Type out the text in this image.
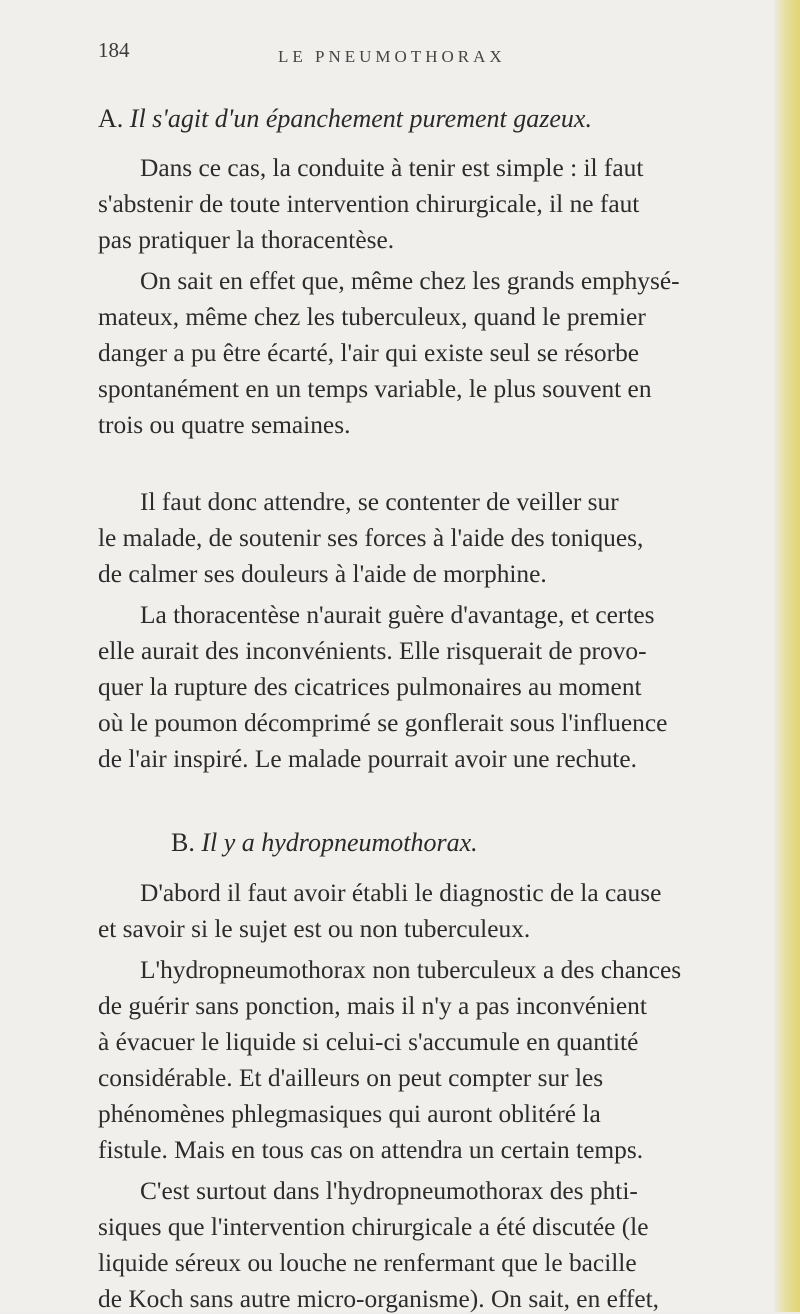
184	LE PNEUMOTHORAX
A. Il s'agit d'un épanchement purement gazeux.
Dans ce cas, la conduite à tenir est simple : il faut
s'abstenir de toute intervention chirurgicale, il ne faut
pas pratiquer la thoracentèse.
On sait en effet que, même chez les grands emphysé-
mateux, même chez les tuberculeux, quand le premier
danger a pu être écarté, l'air qui existe seul se résorbe
spontanément en un temps variable, le plus souvent en
trois ou quatre semaines.
Il faut donc attendre, se contenter de veiller sur
le malade, de soutenir ses forces à l'aide des toniques,
de calmer ses douleurs à l'aide de morphine.
La thoracentèse n'aurait guère d'avantage, et certes
elle aurait des inconvénients. Elle risquerait de provo-
quer la rupture des cicatrices pulmonaires au moment
où le poumon décomprimé se gonflerait sous l'influence
de l'air inspiré. Le malade pourrait avoir une rechute.
B. Il y a hydropneumothorax.
D'abord il faut avoir établi le diagnostic de la cause
et savoir si le sujet est ou non tuberculeux.
L'hydropneumothorax non tuberculeux a des chances
de guérir sans ponction, mais il n'y a pas inconvénient
à évacuer le liquide si celui-ci s'accumule en quantité
considérable. Et d'ailleurs on peut compter sur les
phénomènes phlegmasiques qui auront oblitéré la
fistule. Mais en tous cas on attendra un certain temps.
C'est surtout dans l'hydropneumothorax des phti-
siques que l'intervention chirurgicale a été discutée (le
liquide séreux ou louche ne renfermant que le bacille
de Koch sans autre micro-organisme). On sait, en effet,
